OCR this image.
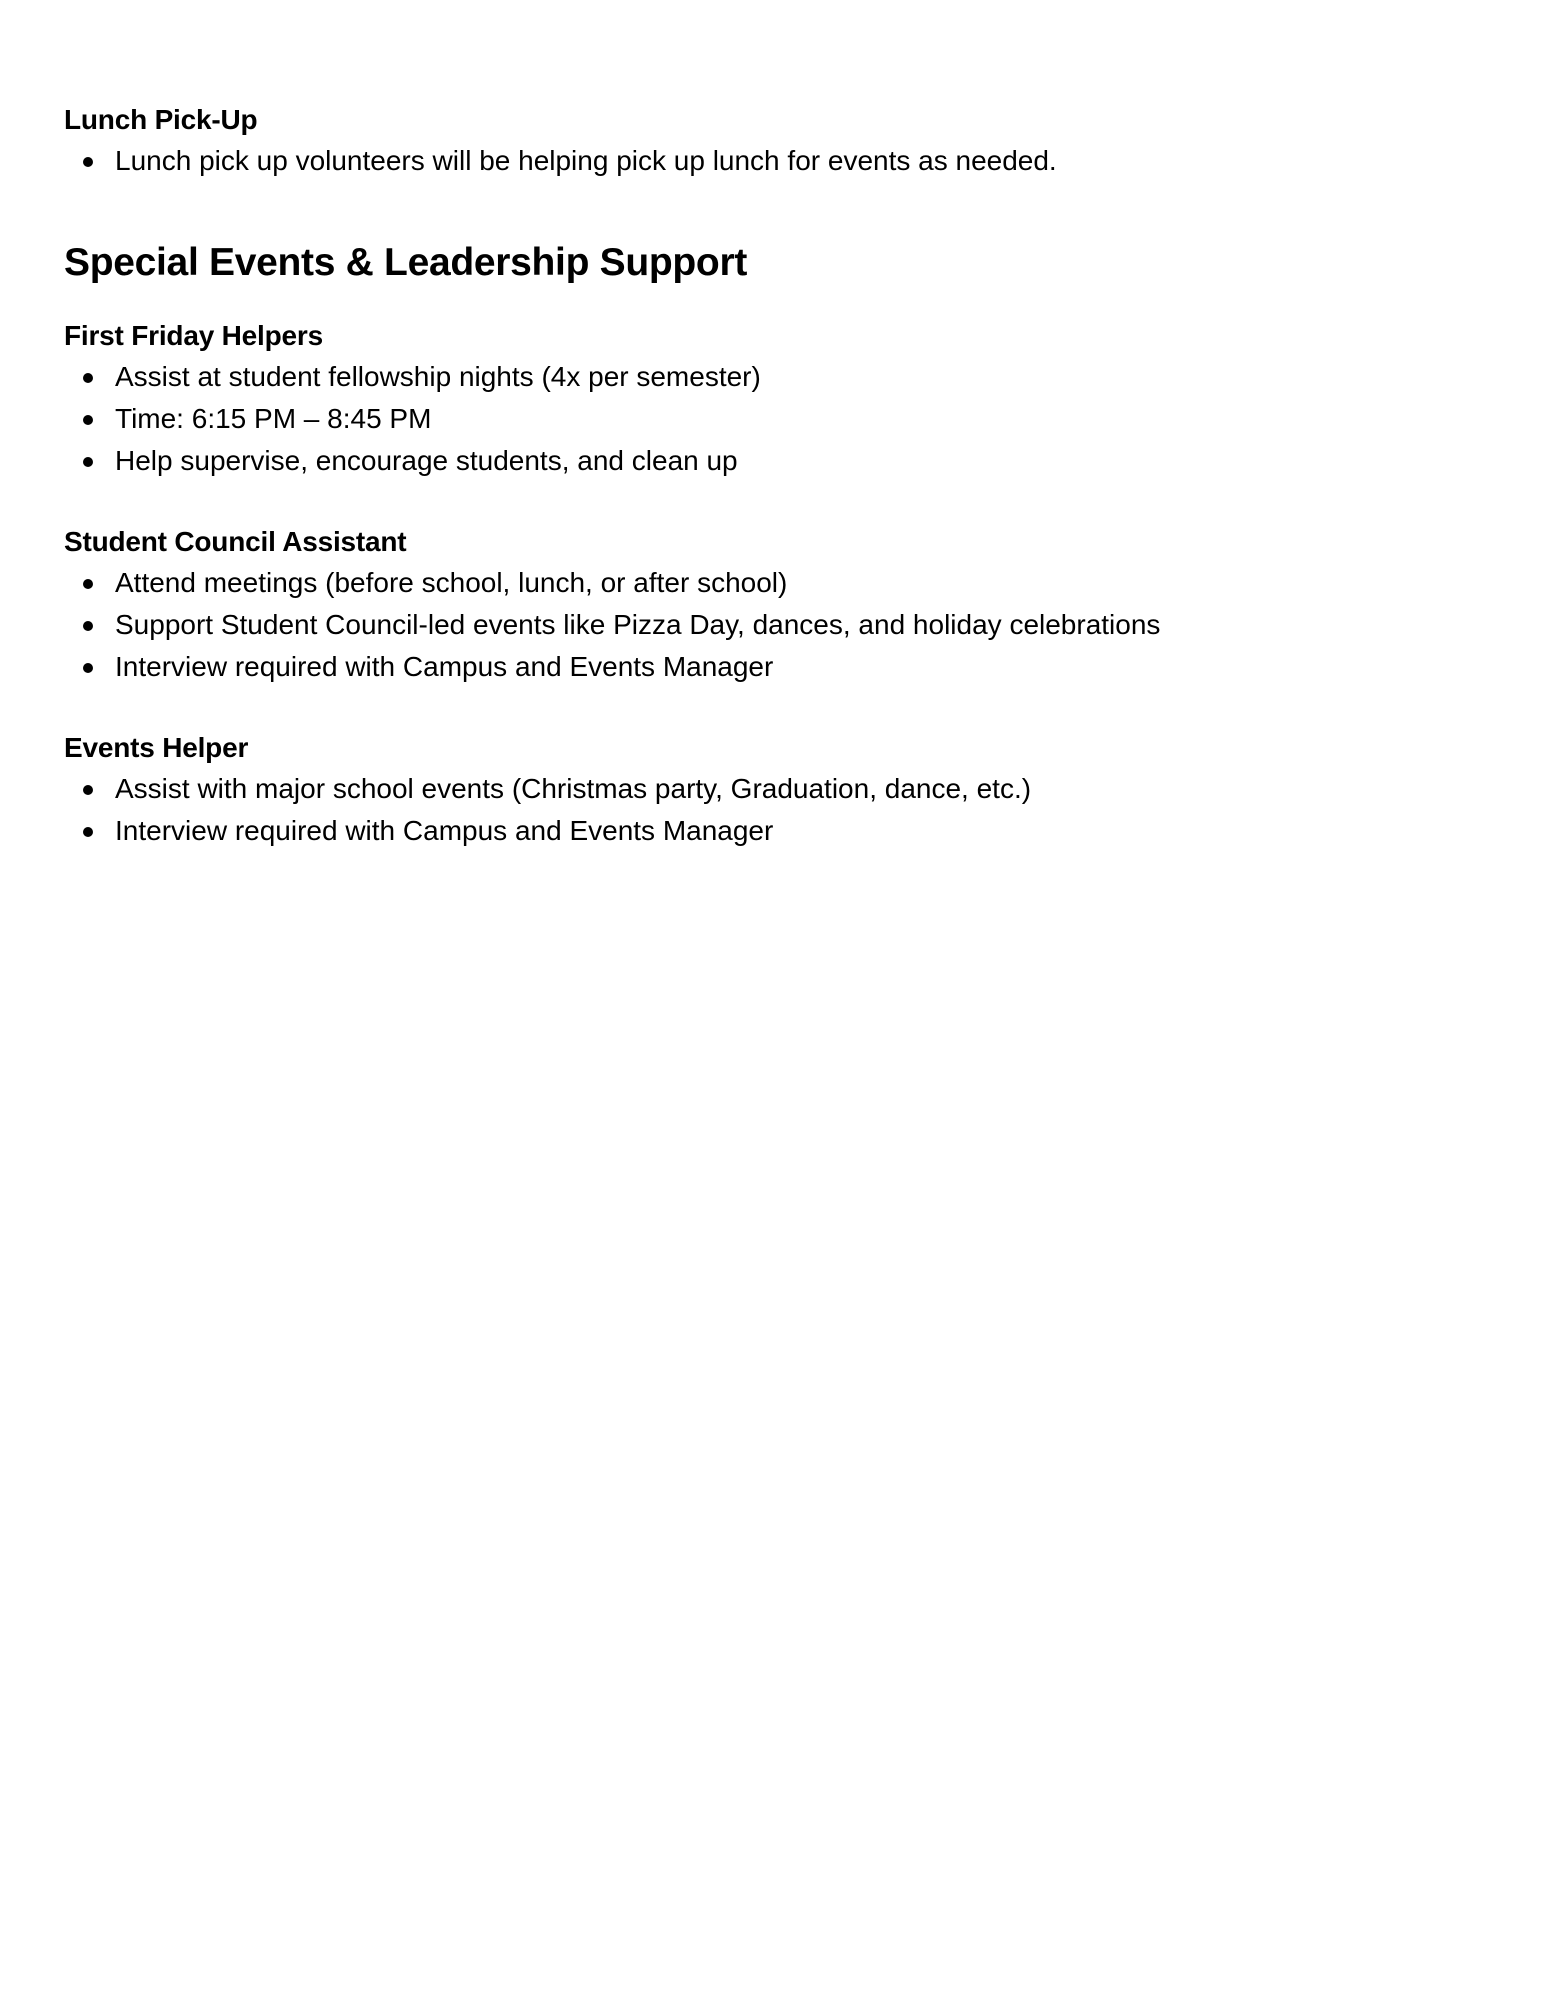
Lunch Pick-Up
Lunch pick up volunteers will be helping pick up lunch for events as needed.
Special Events & Leadership Support
First Friday Helpers
Assist at student fellowship nights (4x per semester)
Time: 6:15 PM – 8:45 PM
Help supervise, encourage students, and clean up
Student Council Assistant
Attend meetings (before school, lunch, or after school)
Support Student Council-led events like Pizza Day, dances, and holiday celebrations
Interview required with Campus and Events Manager
Events Helper
Assist with major school events (Christmas party, Graduation, dance, etc.)
Interview required with Campus and Events Manager
